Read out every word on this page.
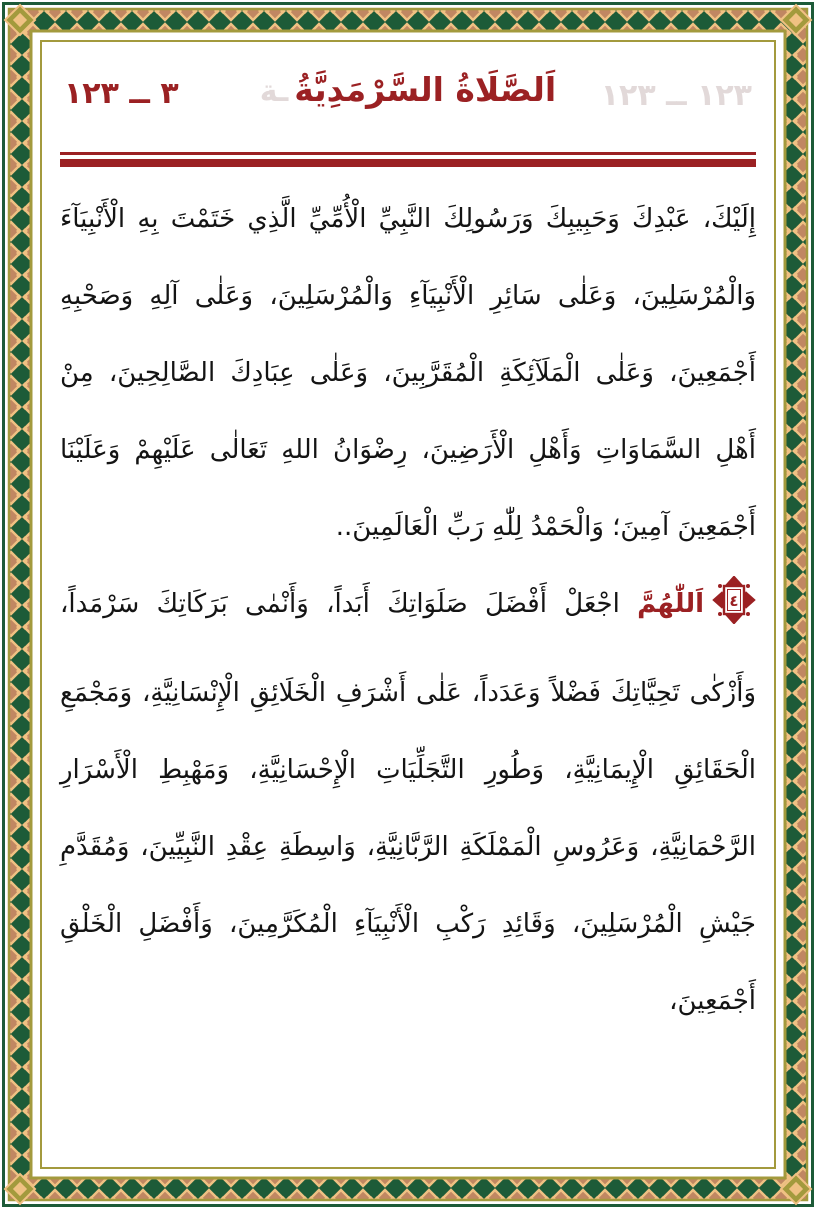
٣ ــ ١٢٣	١٢٣ ــ ١٢٣
اَلصَّلَاةُ السَّرْمَدِيَّةُـة

إِلَيْكَ، عَبْدِكَ وَحَبِيبِكَ وَرَسُولِكَ النَّبِيِّ الْأُمِّيِّ الَّذِي خَتَمْتَ بِهِ الْأَنْبِيَآءَ وَالْمُرْسَلِينَ، وَعَلٰى سَائِرِ الْأَنْبِيَآءِ وَالْمُرْسَلِينَ، وَعَلٰى آلِهِ وَصَحْبِهِ أَجْمَعِينَ، وَعَلٰى الْمَلَآئِكَةِ الْمُقَرَّبِينَ، وَعَلٰى عِبَادِكَ الصَّالِحِينَ، مِنْ أَهْلِ السَّمَاوَاتِ وَأَهْلِ الْأَرَضِينَ، رِضْوَانُ اللهِ تَعَالٰى عَلَيْهِمْ وَعَلَيْنَا أَجْمَعِينَ آمِينَ؛ وَالْحَمْدُ لِلّٰهِ رَبِّ الْعَالَمِينَ..

٤
اَللّٰهُمَّ اجْعَلْ أَفْضَلَ صَلَوَاتِكَ أَبَداً، وَأَنْمٰى بَرَكَاتِكَ سَرْمَداً، وَأَزْكٰى تَحِيَّاتِكَ فَضْلاً وَعَدَداً، عَلٰى أَشْرَفِ الْخَلَائِقِ الْإِنْسَانِيَّةِ، وَمَجْمَعِ الْحَقَائِقِ الْإِيمَانِيَّةِ، وَطُورِ التَّجَلِّيَاتِ الْإِحْسَانِيَّةِ، وَمَهْبِطِ الْأَسْرَارِ الرَّحْمَانِيَّةِ، وَعَرُوسِ الْمَمْلَكَةِ الرَّبَّانِيَّةِ، وَاسِطَةِ عِقْدِ النَّبِيِّينَ، وَمُقَدَّمِ جَيْشِ الْمُرْسَلِينَ، وَقَائِدِ رَكْبِ الْأَنْبِيَآءِ الْمُكَرَّمِينَ، وَأَفْضَلِ الْخَلْقِ أَجْمَعِينَ،
